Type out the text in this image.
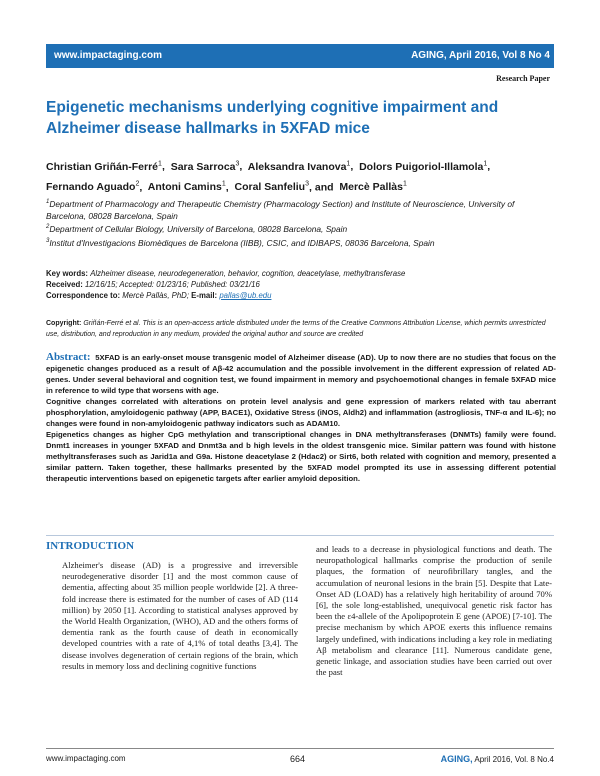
www.impactaging.com	AGING, April 2016, Vol 8 No 4
Research Paper
Epigenetic mechanisms underlying cognitive impairment and Alzheimer disease hallmarks in 5XFAD mice
Christian Griñán-Ferré$^1$,  Sara Sarroca$^3$,  Aleksandra Ivanova$^1$,  Dolors Puigoriol-Illamola$^1$,
Fernando Aguado$^2$,  Antoni Camins$^1$,  Coral Sanfeliu$^3$, and  Mercè Pallàs$^1$
$^1$Department of Pharmacology and Therapeutic Chemistry (Pharmacology Section) and Institute of Neuroscience, University of Barcelona, 08028 Barcelona, Spain
$^2$Department of Cellular Biology, University of Barcelona, 08028 Barcelona, Spain
$^3$Institut d'Investigacions Biomèdiques de Barcelona (IIBB), CSIC, and IDIBAPS, 08036 Barcelona, Spain
Key words: Alzheimer disease, neurodegeneration, behavior, cognition, deacetylase, methyltransferase
Received: 12/16/15; Accepted: 01/23/16; Published: 03/21/16
Correspondence to: Mercè Pallàs, PhD; E-mail: pallas@ub.edu
Copyright: Griñán-Ferré et al. This is an open-access article distributed under the terms of the Creative Commons Attribution License, which permits unrestricted use, distribution, and reproduction in any medium, provided the original author and source are credited

Abstract: 5XFAD is an early-onset mouse transgenic model of Alzheimer disease (AD). Up to now there are no studies that focus on the epigenetic changes produced as a result of Aβ-42 accumulation and the possible involvement in the different expression of related AD-genes. Under several behavioral and cognition test, we found impairment in memory and psychoemotional changes in female 5XFAD mice in reference to wild type that worsens with age.

Cognitive changes correlated with alterations on protein level analysis and gene expression of markers related with tau aberrant phosphorylation, amyloidogenic pathway (APP, BACE1), Oxidative Stress (iNOS, Aldh2) and inflammation (astrogliosis, TNF-α and IL-6); no changes were found in non-amyloidogenic pathway indicators such as ADAM10.

Epigenetics changes as higher CpG methylation and transcriptional changes in DNA methyltransferases (DNMTs) family were found. Dnmt1 increases in younger 5XFAD and Dnmt3a and b high levels in the oldest transgenic mice. Similar pattern was found with histone methyltransferases such as Jarid1a and G9a. Histone deacetylase 2 (Hdac2) or Sirt6, both related with cognition and memory, presented a similar pattern. Taken together, these hallmarks presented by the 5XFAD model prompted its use in assessing different potential therapeutic interventions based on epigenetic targets after earlier amyloid deposition.

INTRODUCTION

Alzheimer's disease (AD) is a progressive and irreversible neurodegenerative disorder [1] and the most common cause of dementia, affecting about 35 million people worldwide [2]. A three-fold increase there is estimated for the number of cases of AD (114 million) by 2050 [1]. According to statistical analyses approved by the World Health Organization, (WHO), AD and the others forms of dementia rank as the fourth cause of death in economically developed countries with a rate of 4,1% of total deaths [3,4]. The disease involves degeneration of certain regions of the brain, which results in memory loss and declining cognitive functions

and leads to a decrease in physiological functions and death. The neuropathological hallmarks comprise the production of senile plaques, the formation of neurofibrillary tangles, and the accumulation of neuronal lesions in the brain [5]. Despite that Late-Onset AD (LOAD) has a relatively high heritability of around 70% [6], the sole long-established, unequivocal genetic risk factor has been the ε4-allele of the Apolipoprotein E gene (APOE) [7-10]. The precise mechanism by which APOE exerts this influence remains largely undefined, with indications including a key role in mediating Aβ metabolism and clearance [11]. Numerous candidate gene, genetic linkage, and association studies have been carried out over the past

www.impactaging.com	664	AGING, April 2016, Vol. 8 No.4
